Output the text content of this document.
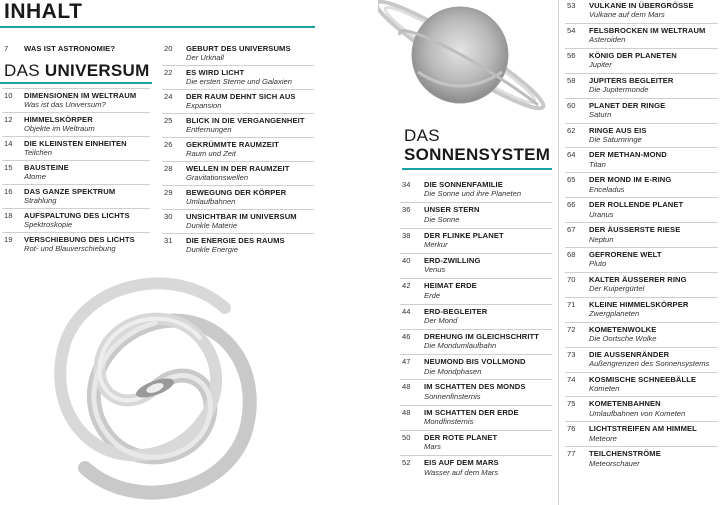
INHALT
DAS UNIVERSUM
DAS
SONNENSYSTEM
7 WAS IST ASTRONOMIE?
10 DIMENSIONEN IM WELTRAUM
Was ist das Universum?
12 HIMMELSKÖRPER
Objekte im Weltraum
14 DIE KLEINSTEN EINHEITEN
Teilchen
15 BAUSTEINE
Atome
16 DAS GANZE SPEKTRUM
Strahlung
18 AUFSPALTUNG DES LICHTS
Spektroskopie
19 VERSCHIEBUNG DES LICHTS
Rot- und Blauverschiebung
20 GEBURT DES UNIVERSUMS
Der Urknall
22 ES WIRD LICHT
Die ersten Sterne und Galaxien
24 DER RAUM DEHNT SICH AUS
Expansion
25 BLICK IN DIE VERGANGENHEIT
Entfernungen
26 GEKRÜMMTE RAUMZEIT
Raum und Zeit
28 WELLEN IN DER RAUMZEIT
Gravitationswellen
29 BEWEGUNG DER KÖRPER
Umlaufbahnen
30 UNSICHTBAR IM UNIVERSUM
Dunkle Materie
31 DIE ENERGIE DES RAUMS
Dunkle Energie
34 DIE SONNENFAMILIE
Die Sonne und ihre Planeten
36 UNSER STERN
Die Sonne
38 DER FLINKE PLANET
Merkur
40 ERD-ZWILLING
Venus
42 HEIMAT ERDE
Erde
44 ERD-BEGLEITER
Der Mond
46 DREHUNG IM GLEICHSCHRITT
Die Mondumlaufbahn
47 NEUMOND BIS VOLLMOND
Die Mondphasen
48 IM SCHATTEN DES MONDS
Sonnenfinsternis
48 IM SCHATTEN DER ERDE
Mondfinsternis
50 DER ROTE PLANET
Mars
52 EIS AUF DEM MARS
Wasser auf dem Mars
53 VULKANE IN ÜBERGRÖSSE
Vulkane auf dem Mars
54 FELSBROCKEN IM WELTRAUM
Asteroiden
56 KÖNIG DER PLANETEN
Jupiter
58 JUPITERS BEGLEITER
Die Jupitermonde
60 PLANET DER RINGE
Saturn
62 RINGE AUS EIS
Die Saturnringe
64 DER METHAN-MOND
Titan
65 DER MOND IM E-RING
Enceladus
66 DER ROLLENDE PLANET
Uranus
67 DER ÄUSSERSTE RIESE
Neptun
68 GEFRORENE WELT
Pluto
70 KALTER ÄUSSERER RING
Der Kuipergürtel
71 KLEINE HIMMELSKÖRPER
Zwergplaneten
72 KOMETENWOLKE
Die Oortsche Wolke
73 DIE AUSSENRÄNDER
Außengrenzen des Sonnensystems
74 KOSMISCHE SCHNEEBÄLLE
Kometen
75 KOMETENBAHNEN
Umlaufbahnen von Kometen
76 LICHTSTREIFEN AM HIMMEL
Meteore
77 TEILCHENSTRÖME
Meteorschauer
